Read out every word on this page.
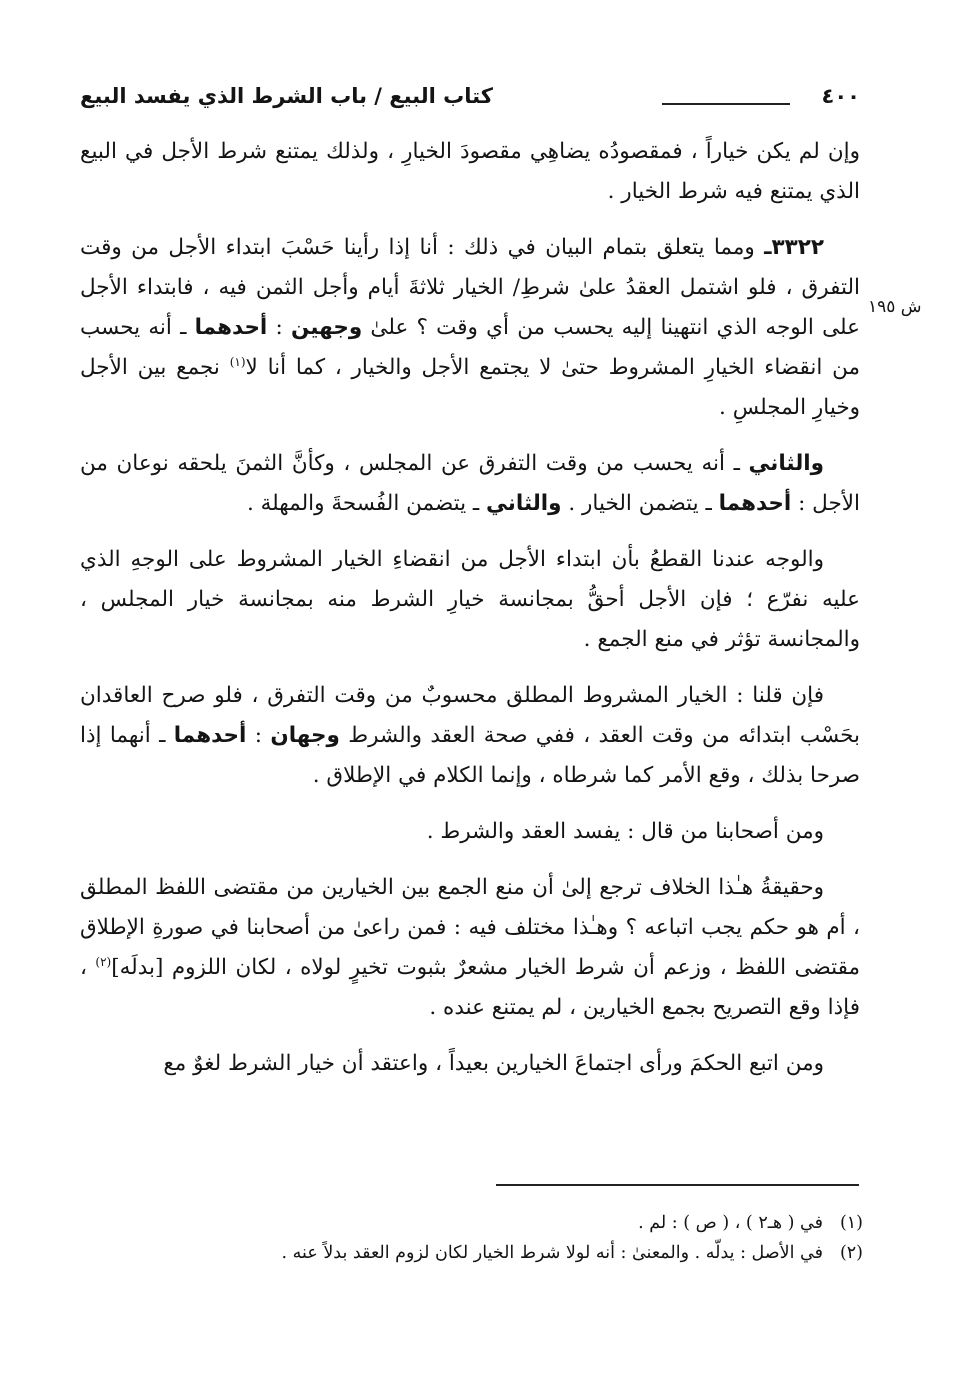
٤٠٠
كتاب البيع / باب الشرط الذي يفسد البيع
ش ١٩٥

وإن لم يكن خياراً ، فمقصودُه يضاهِي مقصودَ الخيارِ ، ولذلك يمتنع شرط الأجل في البيع الذي يمتنع فيه شرط الخيار .

٣٣٢٢ـ ومما يتعلق بتمام البيان في ذلك : أنا إذا رأينا حَسْبَ ابتداء الأجل من وقت التفرق ، فلو اشتمل العقدُ علىٰ شرطِ/ الخيار ثلاثةَ أيام وأجل الثمن فيه ، فابتداء الأجل على الوجه الذي انتهينا إليه يحسب من أي وقت ؟ علىٰ وجهين : أحدهما ـ أنه يحسب من انقضاء الخيارِ المشروط حتىٰ لا يجتمع الأجل والخيار ، كما أنا لا$^{(١)}$ نجمع بين الأجل وخيارِ المجلسِ .

والثاني ـ أنه يحسب من وقت التفرق عن المجلس ، وكأنَّ الثمنَ يلحقه نوعان من الأجل : أحدهما ـ يتضمن الخيار . والثاني ـ يتضمن الفُسحةَ والمهلة .

والوجه عندنا القطعُ بأن ابتداء الأجل من انقضاءِ الخيار المشروط على الوجهِ الذي عليه نفرّع ؛ فإن الأجل أحقُّ بمجانسة خيارِ الشرط منه بمجانسة خيار المجلس ، والمجانسة تؤثر في منع الجمع .

فإن قلنا : الخيار المشروط المطلق محسوبٌ من وقت التفرق ، فلو صرح العاقدان بحَسْب ابتدائه من وقت العقد ، ففي صحة العقد والشرط وجهان : أحدهما ـ أنهما إذا صرحا بذلك ، وقع الأمر كما شرطاه ، وإنما الكلام في الإطلاق .

ومن أصحابنا من قال : يفسد العقد والشرط .

وحقيقةُ هـٰذا الخلاف ترجع إلىٰ أن منع الجمع بين الخيارين من مقتضى اللفظ المطلق ، أم هو حكم يجب اتباعه ؟ وهـٰذا مختلف فيه : فمن راعىٰ من أصحابنا في صورةِ الإطلاق مقتضى اللفظ ، وزعم أن شرط الخيار مشعرٌ بثبوت تخيرٍ لولاه ، لكان اللزوم [بدلَه]$^{(٢)}$ ، فإذا وقع التصريح بجمع الخيارين ، لم يمتنع عنده .

ومن اتبع الحكمَ ورأى اجتماعَ الخيارين بعيداً ، واعتقد أن خيار الشرط لغوٌ مع

(١)في ( هـ٢ ) ، ( ص ) : لم .
(٢)في الأصل : يدلّه . والمعنىٰ : أنه لولا شرط الخيار لكان لزوم العقد بدلاً عنه .
